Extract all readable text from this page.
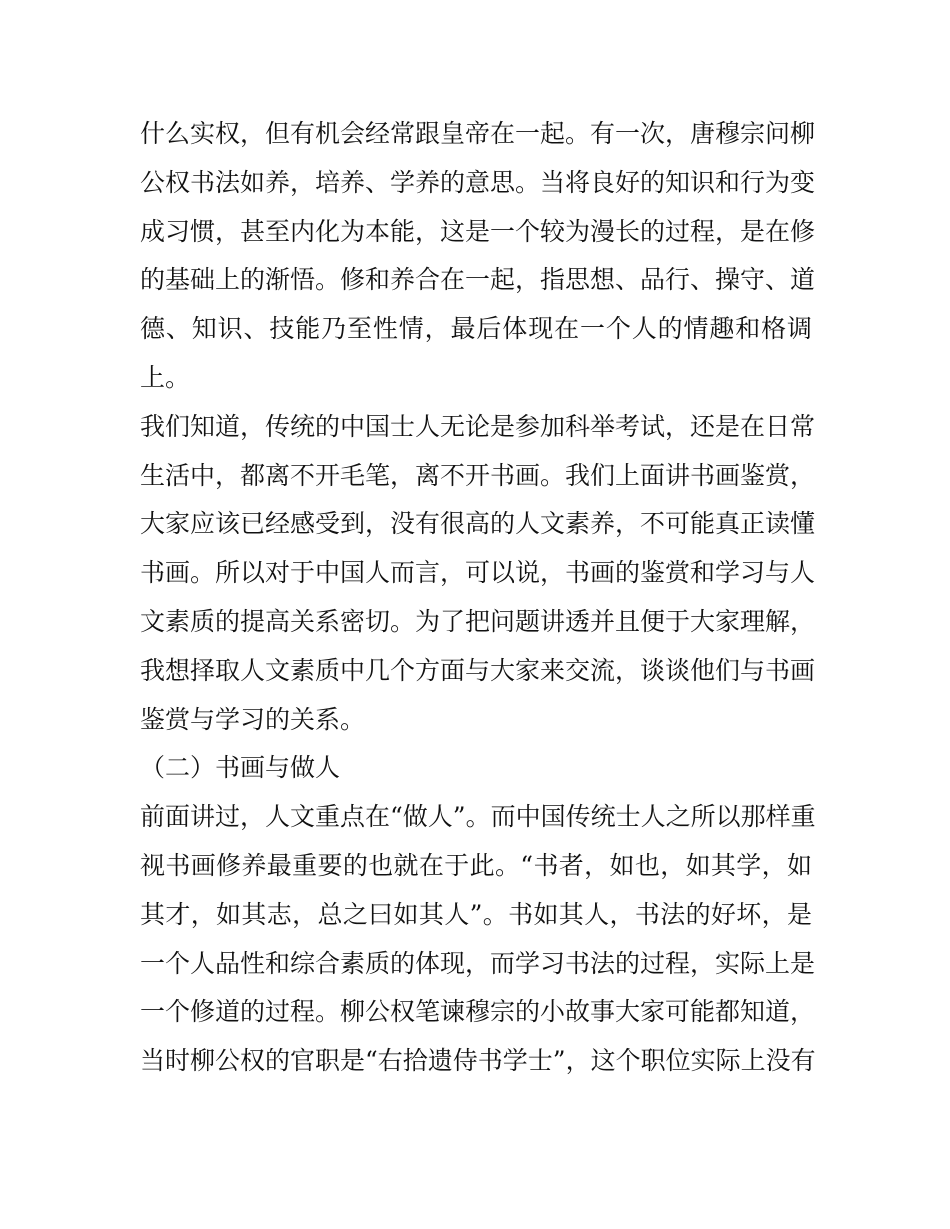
什么实权，但有机会经常跟皇帝在一起。有一次，唐穆宗问柳
公权书法如养，培养、学养的意思。当将良好的知识和行为变
成习惯，甚至内化为本能，这是一个较为漫长的过程，是在修
的基础上的渐悟。修和养合在一起，指思想、品行、操守、道
德、知识、技能乃至性情，最后体现在一个人的情趣和格调
上。
我们知道，传统的中国士人无论是参加科举考试，还是在日常
生活中，都离不开毛笔，离不开书画。我们上面讲书画鉴赏，
大家应该已经感受到，没有很高的人文素养，不可能真正读懂
书画。所以对于中国人而言，可以说，书画的鉴赏和学习与人
文素质的提高关系密切。为了把问题讲透并且便于大家理解，
我想择取人文素质中几个方面与大家来交流，谈谈他们与书画
鉴赏与学习的关系。
（二）书画与做人
前面讲过，人文重点在“做人”。而中国传统士人之所以那样重
视书画修养最重要的也就在于此。“书者，如也，如其学，如
其才，如其志，总之曰如其人”。书如其人，书法的好坏，是
一个人品性和综合素质的体现，而学习书法的过程，实际上是
一个修道的过程。柳公权笔谏穆宗的小故事大家可能都知道，
当时柳公权的官职是“右拾遗侍书学士”，这个职位实际上没有
